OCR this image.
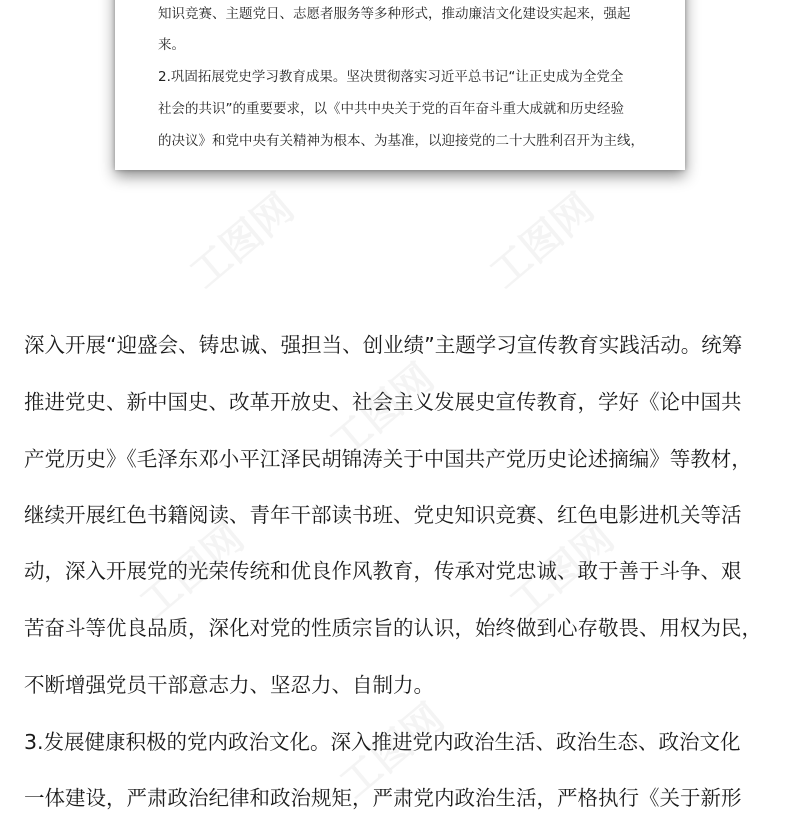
知识竞赛、主题党日、志愿者服务等多种形式，推动廉洁文化建设实起来，强起
来。
2.巩固拓展党史学习教育成果。坚决贯彻落实习近平总书记“让正史成为全党全
社会的共识”的重要要求，以《中共中央关于党的百年奋斗重大成就和历史经验
的决议》和党中央有关精神为根本、为基准，以迎接党的二十大胜利召开为主线，
深入开展“迎盛会、铸忠诚、强担当、创业绩”主题学习宣传教育实践活动。统筹
推进党史、新中国史、改革开放史、社会主义发展史宣传教育，学好《论中国共
产党历史》《毛泽东邓小平江泽民胡锦涛关于中国共产党历史论述摘编》等教材，
继续开展红色书籍阅读、青年干部读书班、党史知识竞赛、红色电影进机关等活
动，深入开展党的光荣传统和优良作风教育，传承对党忠诚、敢于善于斗争、艰
苦奋斗等优良品质，深化对党的性质宗旨的认识，始终做到心存敬畏、用权为民，
不断增强党员干部意志力、坚忍力、自制力。
3.发展健康积极的党内政治文化。深入推进党内政治生活、政治生态、政治文化
一体建设，严肃政治纪律和政治规矩，严肃党内政治生活，严格执行《关于新形
工图网	工图网
工图网
工图网	工图网
工图网
